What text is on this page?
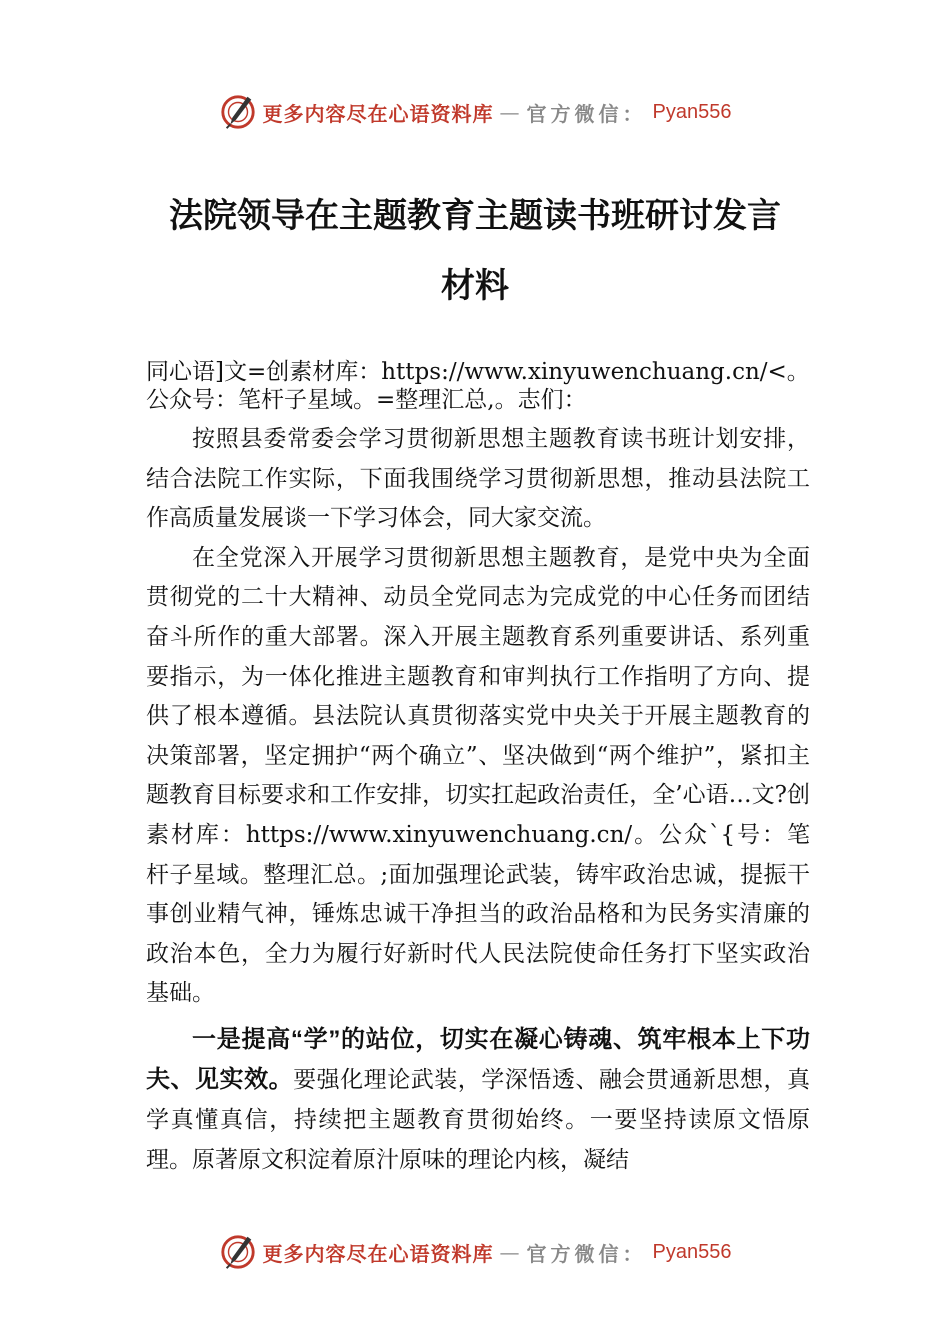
更多内容尽在心语资料库 — 官方微信： Pyan556
法院领导在主题教育主题读书班研讨发言
材料

同心语]文=创素材库：https://www.xinyuwenchuang.cn/<。

公众号：笔杆子星域。=整理汇总,。志们：

按照县委常委会学习贯彻新思想主题教育读书班计划安排，结合法院工作实际，下面我围绕学习贯彻新思想，推动县法院工作高质量发展谈一下学习体会，同大家交流。

在全党深入开展学习贯彻新思想主题教育，是党中央为全面贯彻党的二十大精神、动员全党同志为完成党的中心任务而团结奋斗所作的重大部署。深入开展主题教育系列重要讲话、系列重要指示，为一体化推进主题教育和审判执行工作指明了方向、提供了根本遵循。县法院认真贯彻落实党中央关于开展主题教育的决策部署，坚定拥护“两个确立”、坚决做到“两个维护”，紧扣主题教育目标要求和工作安排，切实扛起政治责任，全’心语…文?创素材库：https://www.xinyuwenchuang.cn/。公众`{号：笔杆子星域。整理汇总。;面加强理论武装，铸牢政治忠诚，提振干事创业精气神，锤炼忠诚干净担当的政治品格和为民务实清廉的政治本色，全力为履行好新时代人民法院使命任务打下坚实政治基础。

一是提高“学”的站位，切实在凝心铸魂、筑牢根本上下功夫、见实效。要强化理论武装，学深悟透、融会贯通新思想，真学真懂真信，持续把主题教育贯彻始终。一要坚持读原文悟原理。原著原文积淀着原汁原味的理论内核，凝结

更多内容尽在心语资料库 — 官方微信： Pyan556
